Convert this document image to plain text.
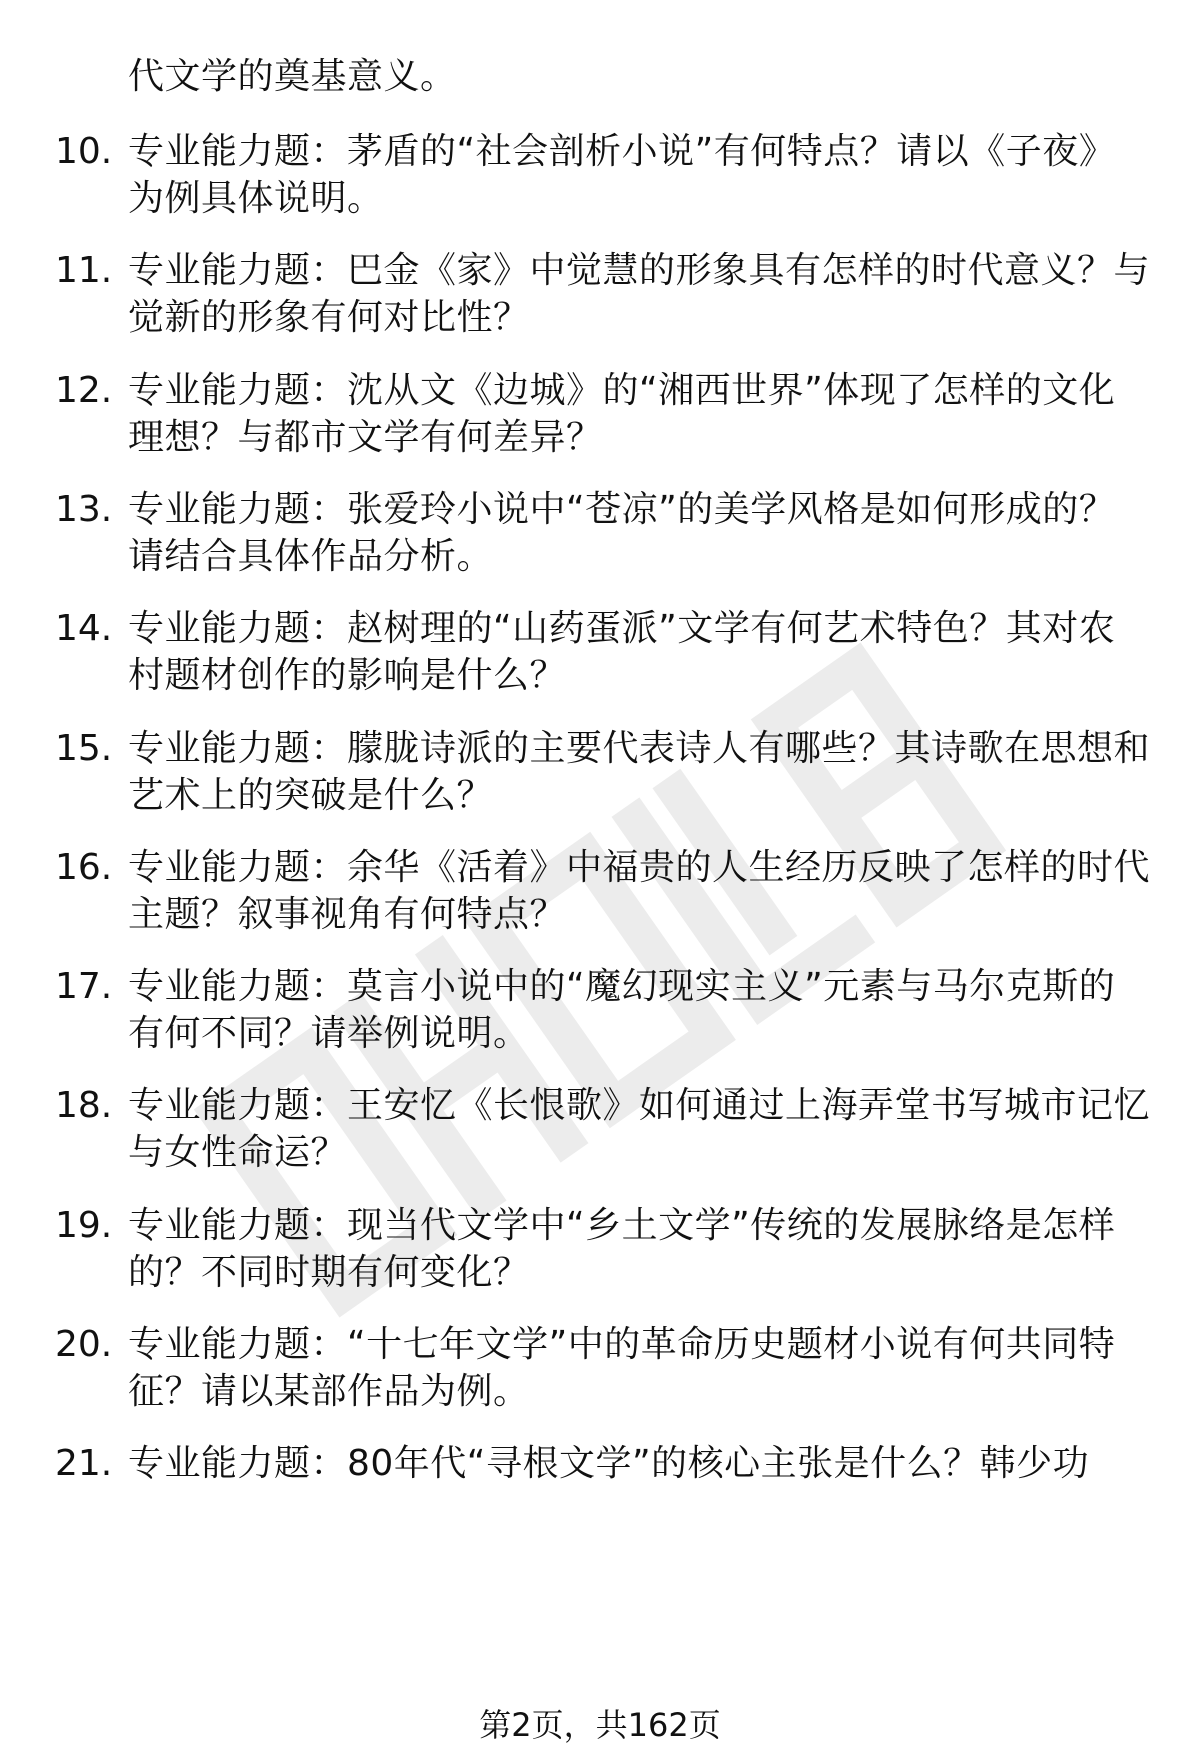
代文学的奠基意义。
10. 专业能力题：茅盾的“社会剖析小说”有何特点？请以《子夜》
为例具体说明。
11. 专业能力题：巴金《家》中觉慧的形象具有怎样的时代意义？与
觉新的形象有何对比性？
12. 专业能力题：沈从文《边城》的“湘西世界”体现了怎样的文化
理想？与都市文学有何差异？
13. 专业能力题：张爱玲小说中“苍凉”的美学风格是如何形成的？
请结合具体作品分析。
14. 专业能力题：赵树理的“山药蛋派”文学有何艺术特色？其对农
村题材创作的影响是什么？
15. 专业能力题：朦胧诗派的主要代表诗人有哪些？其诗歌在思想和
艺术上的突破是什么？
16. 专业能力题：余华《活着》中福贵的人生经历反映了怎样的时代
主题？叙事视角有何特点？
17. 专业能力题：莫言小说中的“魔幻现实主义”元素与马尔克斯的
有何不同？请举例说明。
18. 专业能力题：王安忆《长恨歌》如何通过上海弄堂书写城市记忆
与女性命运？
19. 专业能力题：现当代文学中“乡土文学”传统的发展脉络是怎样
的？不同时期有何变化？
20. 专业能力题：“十七年文学”中的革命历史题材小说有何共同特
征？请以某部作品为例。
21. 专业能力题：80年代“寻根文学”的核心主张是什么？韩少功
第2页，共162页
